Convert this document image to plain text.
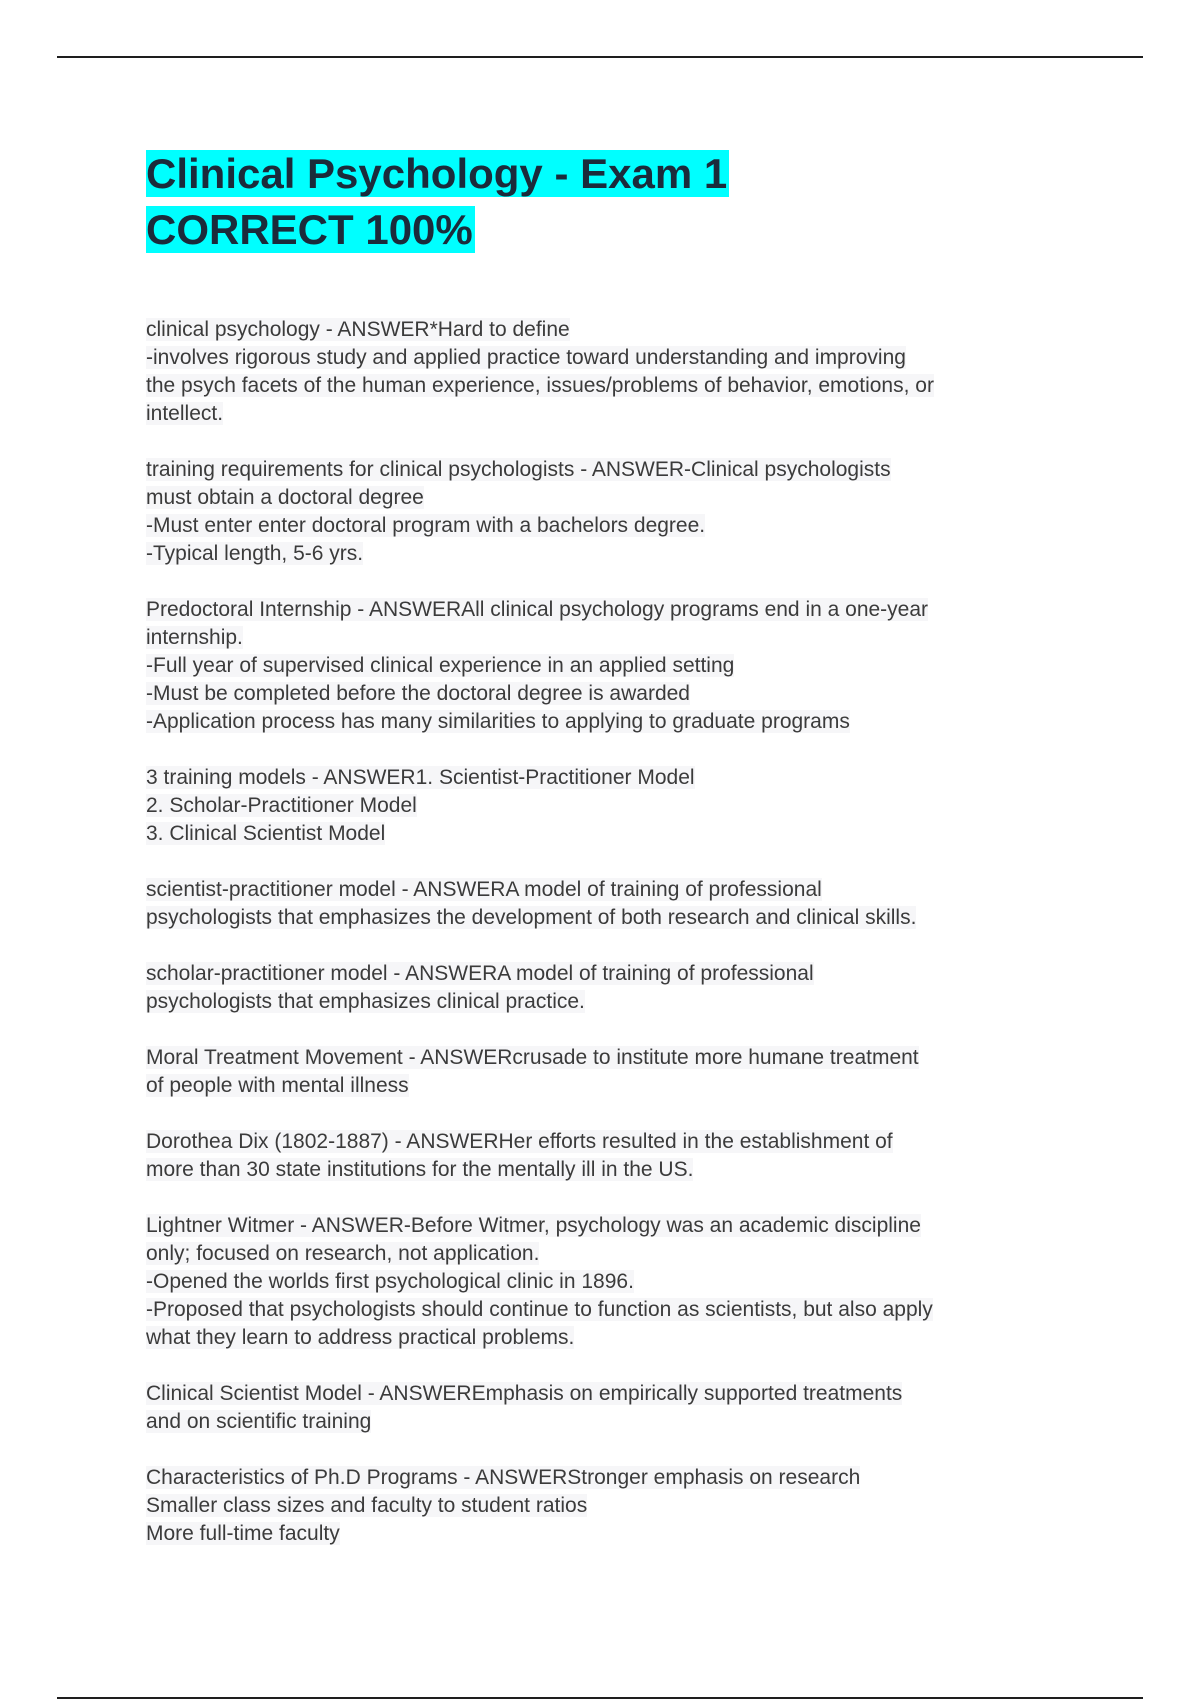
Clinical Psychology - Exam 1
CORRECT 100%
clinical psychology - ANSWER*Hard to define
-involves rigorous study and applied practice toward understanding and improving
the psych facets of the human experience, issues/problems of behavior, emotions, or
intellect.
training requirements for clinical psychologists - ANSWER-Clinical psychologists
must obtain a doctoral degree
-Must enter enter doctoral program with a bachelors degree.
-Typical length, 5-6 yrs.
Predoctoral Internship - ANSWERAll clinical psychology programs end in a one-year
internship.
-Full year of supervised clinical experience in an applied setting
-Must be completed before the doctoral degree is awarded
-Application process has many similarities to applying to graduate programs
3 training models - ANSWER1. Scientist-Practitioner Model
2. Scholar-Practitioner Model
3. Clinical Scientist Model
scientist-practitioner model - ANSWERA model of training of professional
psychologists that emphasizes the development of both research and clinical skills.
scholar-practitioner model - ANSWERA model of training of professional
psychologists that emphasizes clinical practice.
Moral Treatment Movement - ANSWERcrusade to institute more humane treatment
of people with mental illness
Dorothea Dix (1802-1887) - ANSWERHer efforts resulted in the establishment of
more than 30 state institutions for the mentally ill in the US.
Lightner Witmer - ANSWER-Before Witmer, psychology was an academic discipline
only; focused on research, not application.
-Opened the worlds first psychological clinic in 1896.
-Proposed that psychologists should continue to function as scientists, but also apply
what they learn to address practical problems.
Clinical Scientist Model - ANSWEREmphasis on empirically supported treatments
and on scientific training
Characteristics of Ph.D Programs - ANSWERStronger emphasis on research
Smaller class sizes and faculty to student ratios
More full-time faculty
